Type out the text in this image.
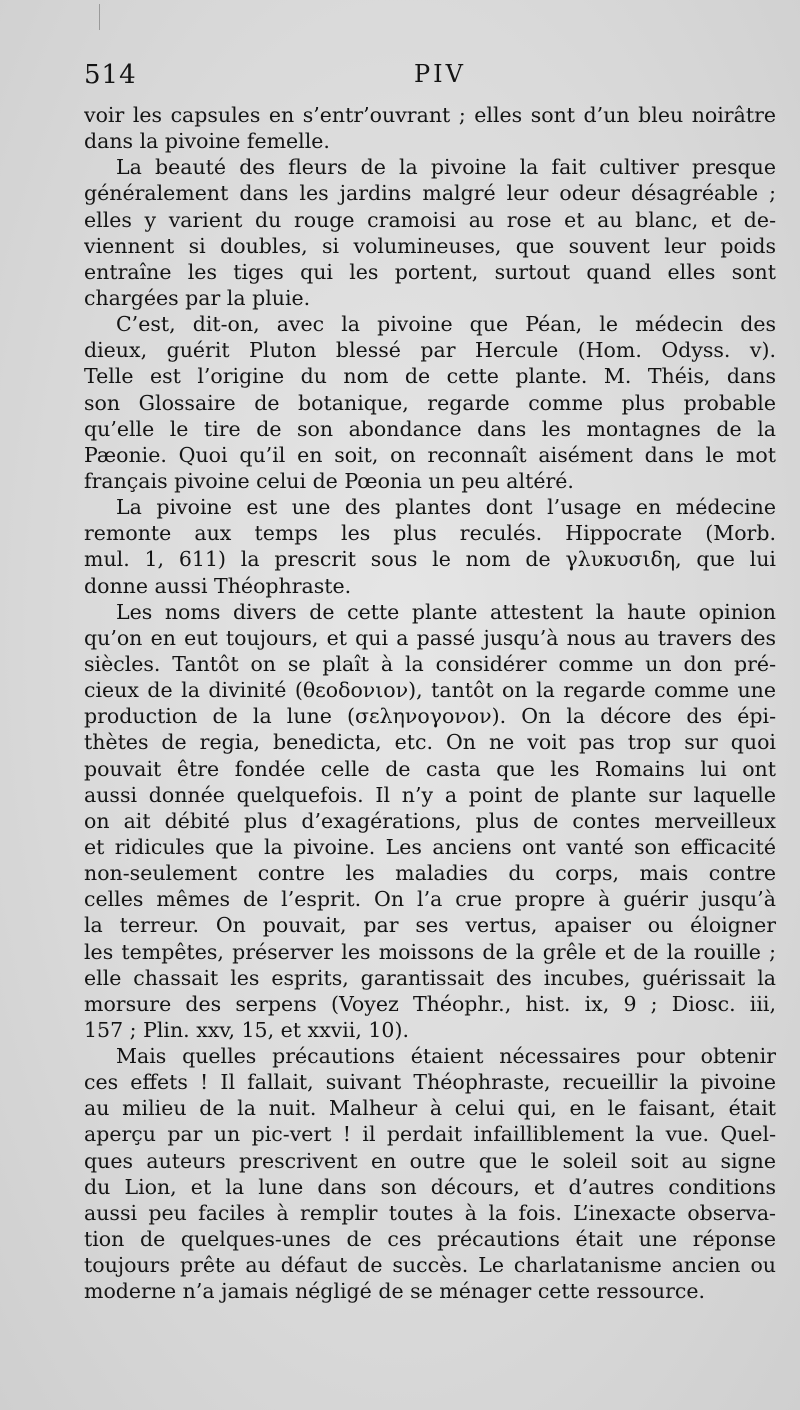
514	PIV
voir les capsules en s’entr’ouvrant ; elles sont d’un bleu noirâtre
dans la pivoine femelle.
La beauté des fleurs de la pivoine la fait cultiver presque
généralement dans les jardins malgré leur odeur désagréable ;
elles y varient du rouge cramoisi au rose et au blanc, et de-
viennent si doubles, si volumineuses, que souvent leur poids
entraîne les tiges qui les portent, surtout quand elles sont
chargées par la pluie.
C’est, dit-on, avec la pivoine que Péan, le médecin des
dieux, guérit Pluton blessé par Hercule (Hom. Odyss. v).
Telle est l’origine du nom de cette plante. M. Théis, dans
son Glossaire de botanique, regarde comme plus probable
qu’elle le tire de son abondance dans les montagnes de la
Pæonie. Quoi qu’il en soit, on reconnaît aisément dans le mot
français pivoine celui de Pœonia un peu altéré.
La pivoine est une des plantes dont l’usage en médecine
remonte aux temps les plus reculés. Hippocrate (Morb.
mul. 1, 611) la prescrit sous le nom de γλυκυσιδη, que lui
donne aussi Théophraste.
Les noms divers de cette plante attestent la haute opinion
qu’on en eut toujours, et qui a passé jusqu’à nous au travers des
siècles. Tantôt on se plaît à la considérer comme un don pré-
cieux de la divinité (θεοδονιον), tantôt on la regarde comme une
production de la lune (σεληνογονον). On la décore des épi-
thètes de regia, benedicta, etc. On ne voit pas trop sur quoi
pouvait être fondée celle de casta que les Romains lui ont
aussi donnée quelquefois. Il n’y a point de plante sur laquelle
on ait débité plus d’exagérations, plus de contes merveilleux
et ridicules que la pivoine. Les anciens ont vanté son efficacité
non-seulement contre les maladies du corps, mais contre
celles mêmes de l’esprit. On l’a crue propre à guérir jusqu’à
la terreur. On pouvait, par ses vertus, apaiser ou éloigner
les tempêtes, préserver les moissons de la grêle et de la rouille ;
elle chassait les esprits, garantissait des incubes, guérissait la
morsure des serpens (Voyez Théophr., hist. ix, 9 ; Diosc. iii,
157 ; Plin. xxv, 15, et xxvii, 10).
Mais quelles précautions étaient nécessaires pour obtenir
ces effets ! Il fallait, suivant Théophraste, recueillir la pivoine
au milieu de la nuit. Malheur à celui qui, en le faisant, était
aperçu par un pic-vert ! il perdait infailliblement la vue. Quel-
ques auteurs prescrivent en outre que le soleil soit au signe
du Lion, et la lune dans son décours, et d’autres conditions
aussi peu faciles à remplir toutes à la fois. L’inexacte observa-
tion de quelques-unes de ces précautions était une réponse
toujours prête au défaut de succès. Le charlatanisme ancien ou
moderne n’a jamais négligé de se ménager cette ressource.
